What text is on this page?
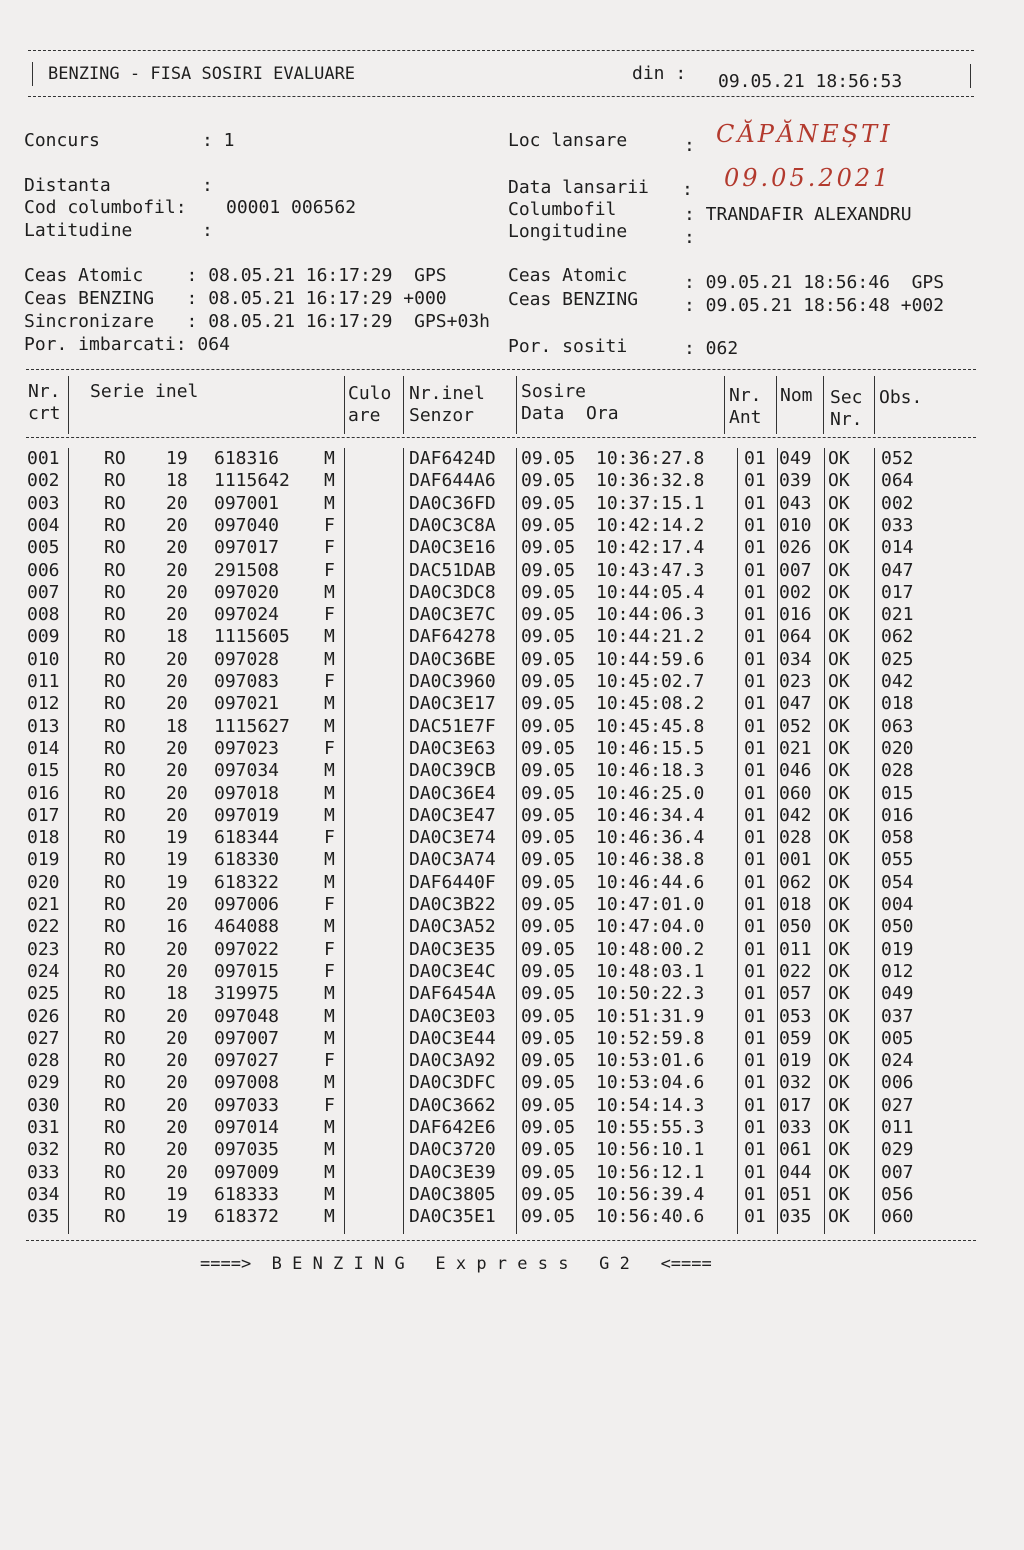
BENZING - FISA SOSIRI EVALUARE	din : 09.05.21 18:56:53
Concurs	: 1	Loc lansare	: CĂPĂNEȘTI
Distanta	:
Cod columbofil: 00001 006562
Latitudine	:
Data lansarii : 09.05.2021
Columbofil	: TRANDAFIR ALEXANDRU
Longitudine	:
Ceas Atomic    : 08.05.21 16:17:29  GPS
Ceas BENZING   : 08.05.21 16:17:29 +000
Sincronizare   : 08.05.21 16:17:29  GPS+03h
Por. imbarcati: 064
Ceas Atomic	: 09.05.21 18:56:46  GPS
Ceas BENZING	: 09.05.21 18:56:48 +002
Por. sositi	: 062
Nr.
crt
Serie inel	Culo
are
Nr.inel
Senzor
Sosire
Data  Ora
Nr.
Ant
Nom Sec
Nr.
Obs.
001 RO 19 618316 M	DAF6424D 09.05 10:36:27.8 01 049 OK 052
002 RO 18 1115642 M	DAF644A6 09.05 10:36:32.8 01 039 OK 064
003 RO 20 097001 M	DA0C36FD 09.05 10:37:15.1 01 043 OK 002
004 RO 20 097040 F	DA0C3C8A 09.05 10:42:14.2 01 010 OK 033
005 RO 20 097017 F	DA0C3E16 09.05 10:42:17.4 01 026 OK 014
006 RO 20 291508 F	DAC51DAB 09.05 10:43:47.3 01 007 OK 047
007 RO 20 097020 M	DA0C3DC8 09.05 10:44:05.4 01 002 OK 017
008 RO 20 097024 F	DA0C3E7C 09.05 10:44:06.3 01 016 OK 021
009 RO 18 1115605 M	DAF64278 09.05 10:44:21.2 01 064 OK 062
010 RO 20 097028 M	DA0C36BE 09.05 10:44:59.6 01 034 OK 025
011 RO 20 097083 F	DA0C3960 09.05 10:45:02.7 01 023 OK 042
012 RO 20 097021 M	DA0C3E17 09.05 10:45:08.2 01 047 OK 018
013 RO 18 1115627 M	DAC51E7F 09.05 10:45:45.8 01 052 OK 063
014 RO 20 097023 F	DA0C3E63 09.05 10:46:15.5 01 021 OK 020
015 RO 20 097034 M	DA0C39CB 09.05 10:46:18.3 01 046 OK 028
016 RO 20 097018 M	DA0C36E4 09.05 10:46:25.0 01 060 OK 015
017 RO 20 097019 M	DA0C3E47 09.05 10:46:34.4 01 042 OK 016
018 RO 19 618344 F	DA0C3E74 09.05 10:46:36.4 01 028 OK 058
019 RO 19 618330 M	DA0C3A74 09.05 10:46:38.8 01 001 OK 055
020 RO 19 618322 M	DAF6440F 09.05 10:46:44.6 01 062 OK 054
021 RO 20 097006 F	DA0C3B22 09.05 10:47:01.0 01 018 OK 004
022 RO 16 464088 M	DA0C3A52 09.05 10:47:04.0 01 050 OK 050
023 RO 20 097022 F	DA0C3E35 09.05 10:48:00.2 01 011 OK 019
024 RO 20 097015 F	DA0C3E4C 09.05 10:48:03.1 01 022 OK 012
025 RO 18 319975 M	DAF6454A 09.05 10:50:22.3 01 057 OK 049
026 RO 20 097048 M	DA0C3E03 09.05 10:51:31.9 01 053 OK 037
027 RO 20 097007 M	DA0C3E44 09.05 10:52:59.8 01 059 OK 005
028 RO 20 097027 F	DA0C3A92 09.05 10:53:01.6 01 019 OK 024
029 RO 20 097008 M	DA0C3DFC 09.05 10:53:04.6 01 032 OK 006
030 RO 20 097033 F	DA0C3662 09.05 10:54:14.3 01 017 OK 027
031 RO 20 097014 M	DAF642E6 09.05 10:55:55.3 01 033 OK 011
032 RO 20 097035 M	DA0C3720 09.05 10:56:10.1 01 061 OK 029
033 RO 20 097009 M	DA0C3E39 09.05 10:56:12.1 01 044 OK 007
034 RO 19 618333 M	DA0C3805 09.05 10:56:39.4 01 051 OK 056
035 RO 19 618372 M	DA0C35E1 09.05 10:56:40.6 01 035 OK 060
====>  B E N Z I N G   E x p r e s s   G 2   <====
